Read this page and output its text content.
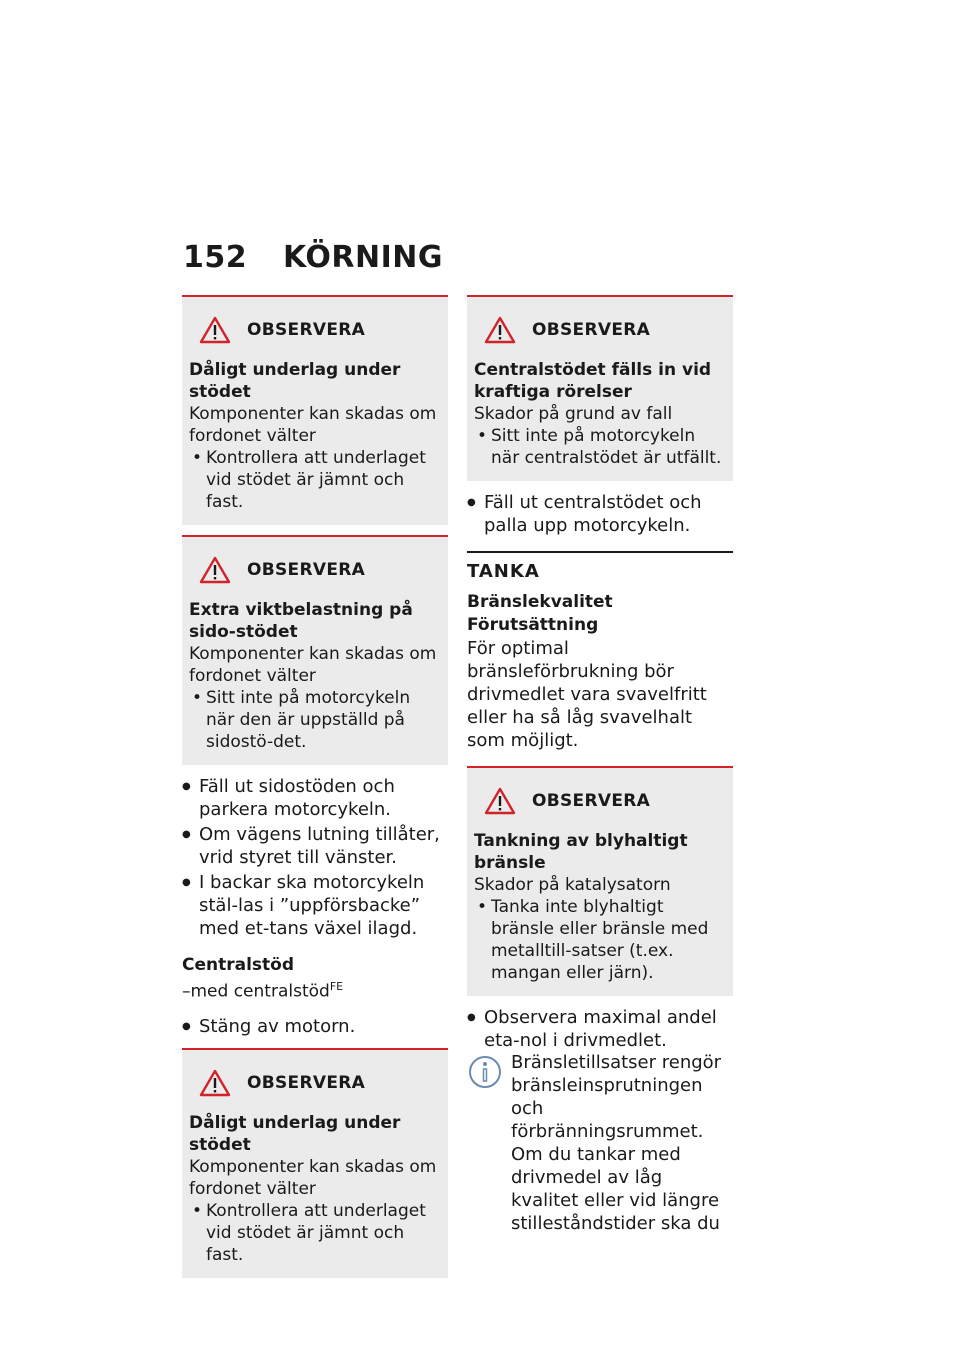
152 KÖRNING
OBSERVERA
Dåligt underlag under stödet

Komponenter kan skadas om fordonet välter

• Kontrollera att underlaget vid stödet är jämnt och fast.
OBSERVERA
Extra viktbelastning på sido-stödet

Komponenter kan skadas om fordonet välter

• Sitt inte på motorcykeln när den är uppställd på sidostö-det.
● Fäll ut sidostöden och parkera motorcykeln.
● Om vägens lutning tillåter, vrid styret till vänster.
● I backar ska motorcykeln stäl-las i ”uppförsbacke” med et-tans växel ilagd.
Centralstöd
–med centralstöd$^{FE}$
● Stäng av motorn.
OBSERVERA
Dåligt underlag under stödet

Komponenter kan skadas om fordonet välter

• Kontrollera att underlaget vid stödet är jämnt och fast.
OBSERVERA
Centralstödet fälls in vid kraftiga rörelser

Skador på grund av fall

• Sitt inte på motorcykeln när centralstödet är utfällt.
● Fäll ut centralstödet och palla upp motorcykeln.
TANKA
Bränslekvalitet
Förutsättning

För optimal bränsleförbrukning bör drivmedlet vara svavelfritt eller ha så låg svavelhalt som möjligt.

OBSERVERA
Tankning av blyhaltigt bränsle

Skador på katalysatorn

• Tanka inte blyhaltigt bränsle eller bränsle med metalltill-satser (t.ex. mangan eller järn).
● Observera maximal andel eta-nol i drivmedlet.

Bränsletillsatser rengör bränsleinsprutningen och förbränningsrummet. Om du tankar med drivmedel av låg kvalitet eller vid längre stilleståndstider ska du
